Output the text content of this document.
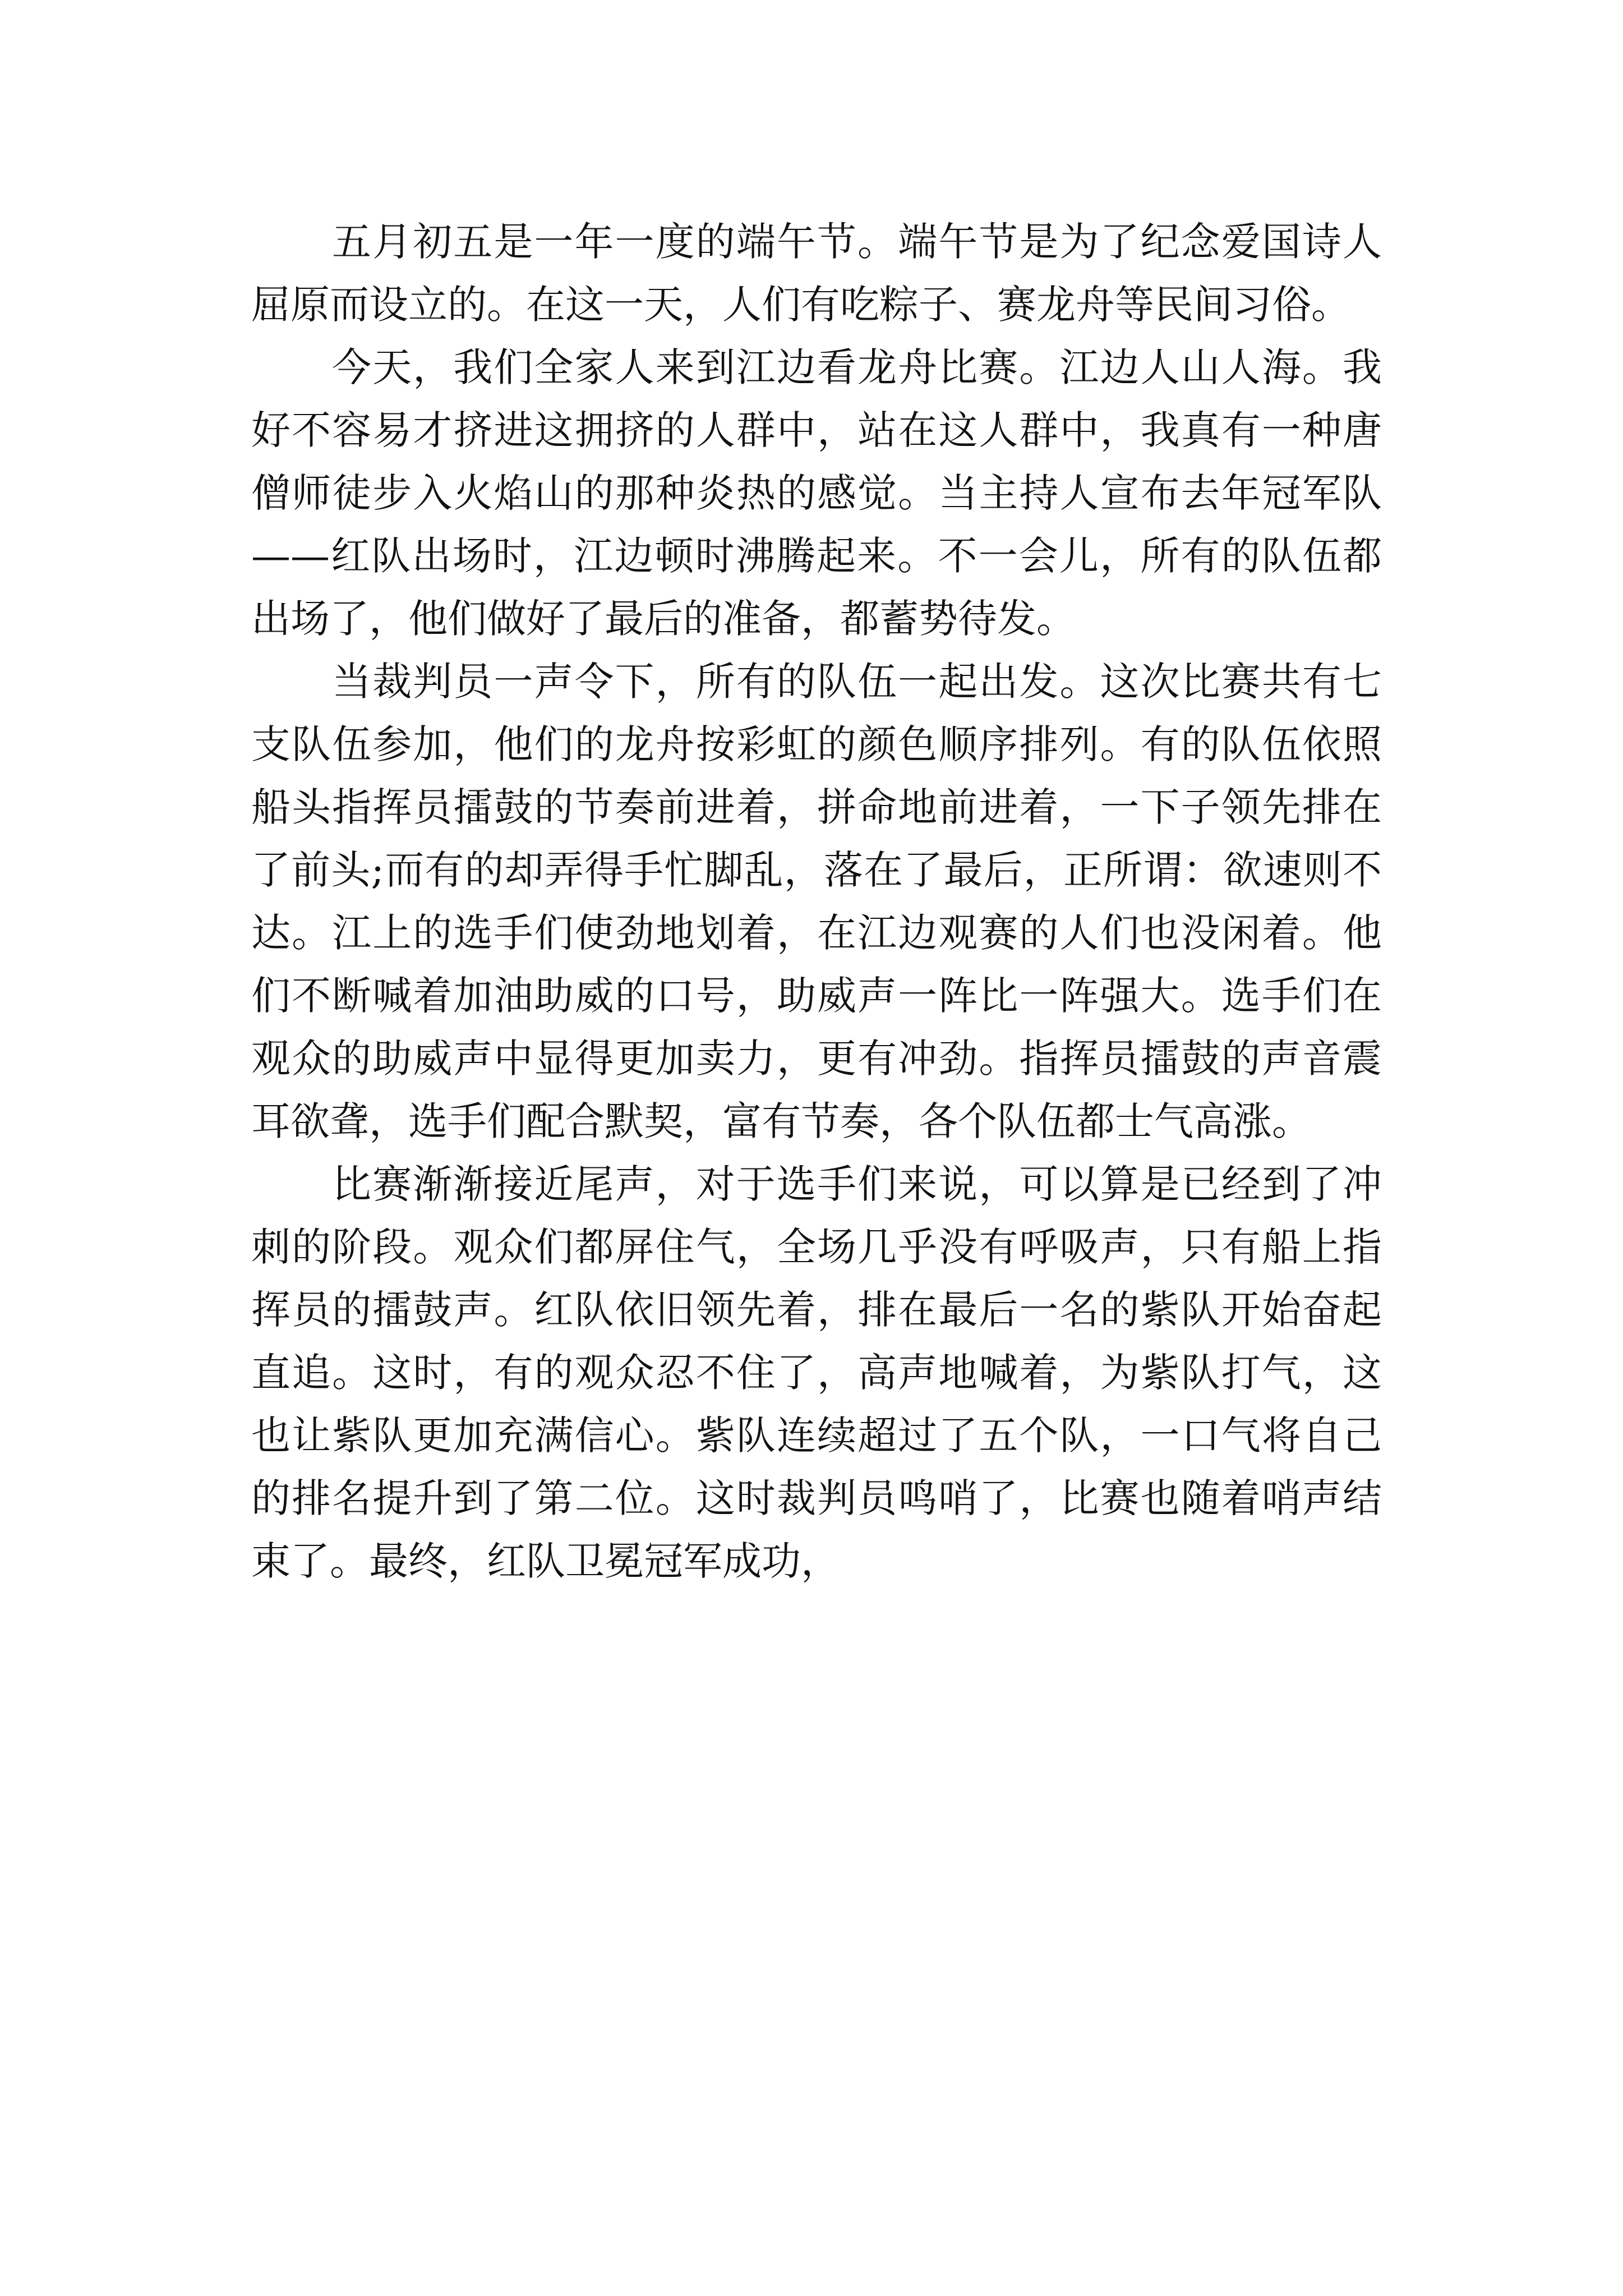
五月初五是一年一度的端午节。端午节是为了纪念爱国诗人屈原而设立的。在这一天，人们有吃粽子、赛龙舟等民间习俗。

今天，我们全家人来到江边看龙舟比赛。江边人山人海。我好不容易才挤进这拥挤的人群中，站在这人群中，我真有一种唐僧师徒步入火焰山的那种炎热的感觉。当主持人宣布去年冠军队——红队出场时，江边顿时沸腾起来。不一会儿，所有的队伍都出场了，他们做好了最后的准备，都蓄势待发。

当裁判员一声令下，所有的队伍一起出发。这次比赛共有七支队伍参加，他们的龙舟按彩虹的颜色顺序排列。有的队伍依照船头指挥员擂鼓的节奏前进着，拼命地前进着，一下子领先排在了前头;而有的却弄得手忙脚乱，落在了最后，正所谓：欲速则不达。江上的选手们使劲地划着，在江边观赛的人们也没闲着。他们不断喊着加油助威的口号，助威声一阵比一阵强大。选手们在观众的助威声中显得更加卖力，更有冲劲。指挥员擂鼓的声音震耳欲聋，选手们配合默契，富有节奏，各个队伍都士气高涨。

比赛渐渐接近尾声，对于选手们来说，可以算是已经到了冲刺的阶段。观众们都屏住气，全场几乎没有呼吸声，只有船上指挥员的擂鼓声。红队依旧领先着，排在最后一名的紫队开始奋起直追。这时，有的观众忍不住了，高声地喊着，为紫队打气，这也让紫队更加充满信心。紫队连续超过了五个队，一口气将自己的排名提升到了第二位。这时裁判员鸣哨了，比赛也随着哨声结束了。最终，红队卫冕冠军成功，
